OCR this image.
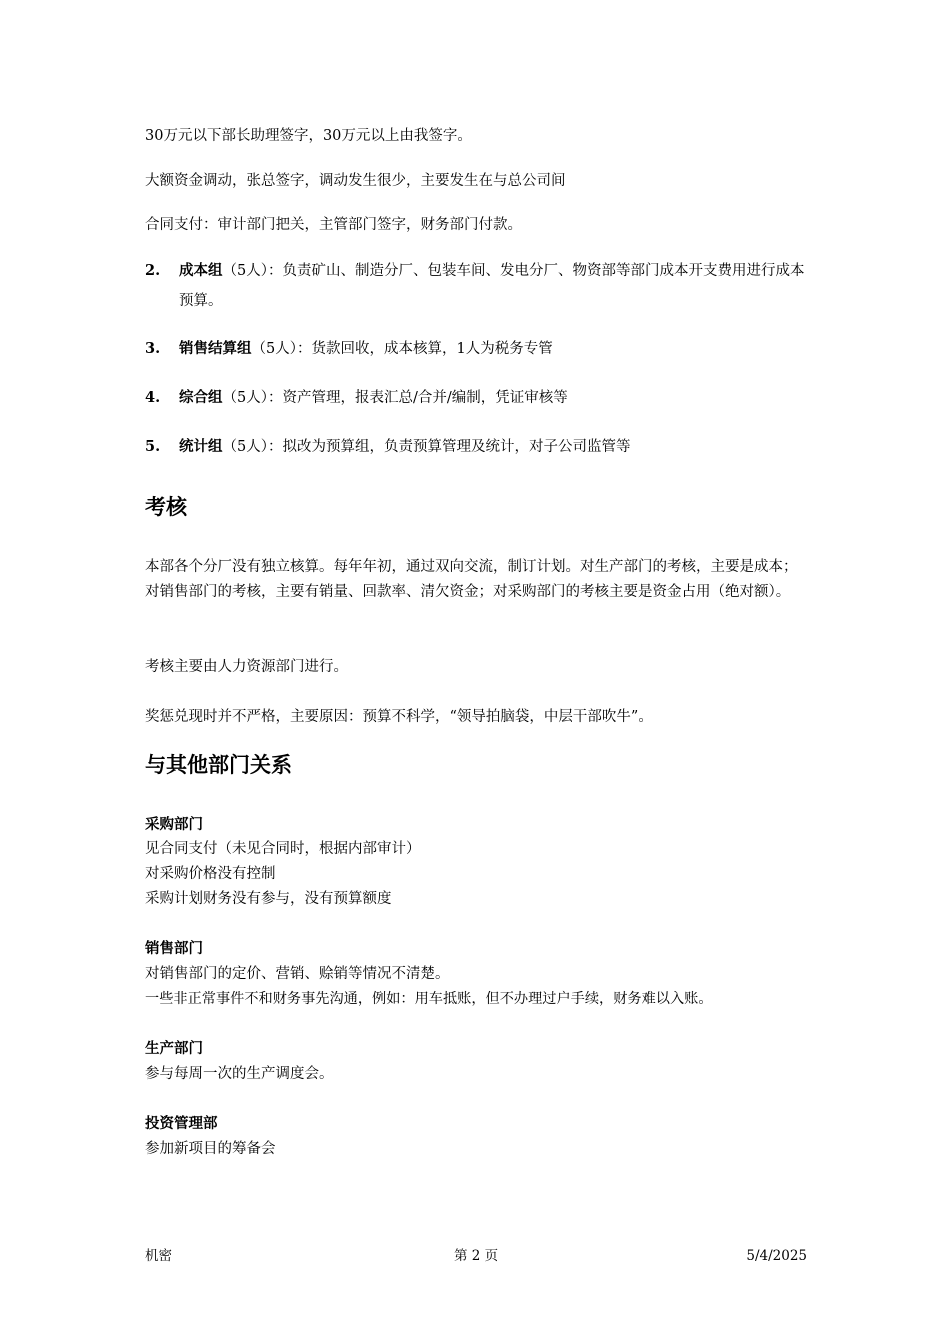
30万元以下部长助理签字，30万元以上由我签字。
大额资金调动，张总签字，调动发生很少，主要发生在与总公司间
合同支付：审计部门把关，主管部门签字，财务部门付款。
2. 成本组（5人）：负责矿山、制造分厂、包装车间、发电分厂、物资部等部门成本开支费用进行成本预算。
3. 销售结算组（5人）：货款回收，成本核算，1人为税务专管
4. 综合组（5人）：资产管理，报表汇总/合并/编制，凭证审核等
5. 统计组（5人）：拟改为预算组，负责预算管理及统计，对子公司监管等
考核
本部各个分厂没有独立核算。每年年初，通过双向交流，制订计划。对生产部门的考核，主要是成本；对销售部门的考核，主要有销量、回款率、清欠资金；对采购部门的考核主要是资金占用（绝对额）。
考核主要由人力资源部门进行。
奖惩兑现时并不严格，主要原因：预算不科学，“领导拍脑袋，中层干部吹牛”。
与其他部门关系
采购部门
见合同支付（未见合同时，根据内部审计）
对采购价格没有控制
采购计划财务没有参与，没有预算额度
销售部门
对销售部门的定价、营销、赊销等情况不清楚。
一些非正常事件不和财务事先沟通，例如：用车抵账，但不办理过户手续，财务难以入账。
生产部门
参与每周一次的生产调度会。
投资管理部
参加新项目的筹备会
机密	第 2 页	5/4/2025
